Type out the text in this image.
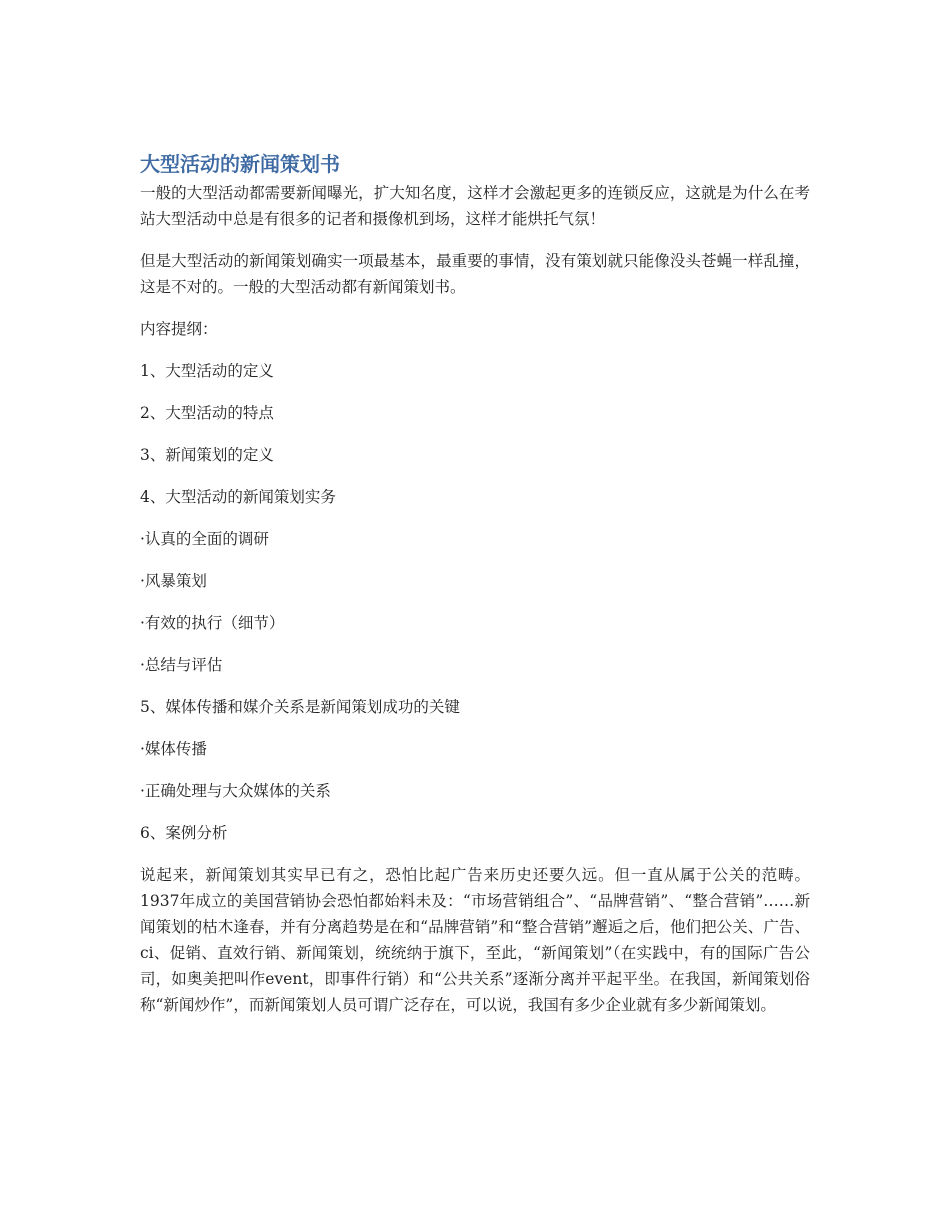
大型活动的新闻策划书

一般的大型活动都需要新闻曝光，扩大知名度，这样才会激起更多的连锁反应，这就是为什么在考站大型活动中总是有很多的记者和摄像机到场，这样才能烘托气氛！

但是大型活动的新闻策划确实一项最基本，最重要的事情，没有策划就只能像没头苍蝇一样乱撞，这是不对的。一般的大型活动都有新闻策划书。

内容提纲：

1、大型活动的定义

2、大型活动的特点

3、新闻策划的定义

4、大型活动的新闻策划实务

·认真的全面的调研

·风暴策划

·有效的执行（细节）

·总结与评估

5、媒体传播和媒介关系是新闻策划成功的关键

·媒体传播

·正确处理与大众媒体的关系

6、案例分析

说起来，新闻策划其实早已有之，恐怕比起广告来历史还要久远。但一直从属于公关的范畴。1937年成立的美国营销协会恐怕都始料未及：“市场营销组合”、“品牌营销”、“整合营销”……新闻策划的枯木逢春，并有分离趋势是在和“品牌营销”和“整合营销”邂逅之后，他们把公关、广告、ci、促销、直效行销、新闻策划，统统纳于旗下，至此，“新闻策划”（在实践中，有的国际广告公司，如奥美把叫作event，即事件行销）和“公共关系”逐渐分离并平起平坐。在我国，新闻策划俗称“新闻炒作”，而新闻策划人员可谓广泛存在，可以说，我国有多少企业就有多少新闻策划。
